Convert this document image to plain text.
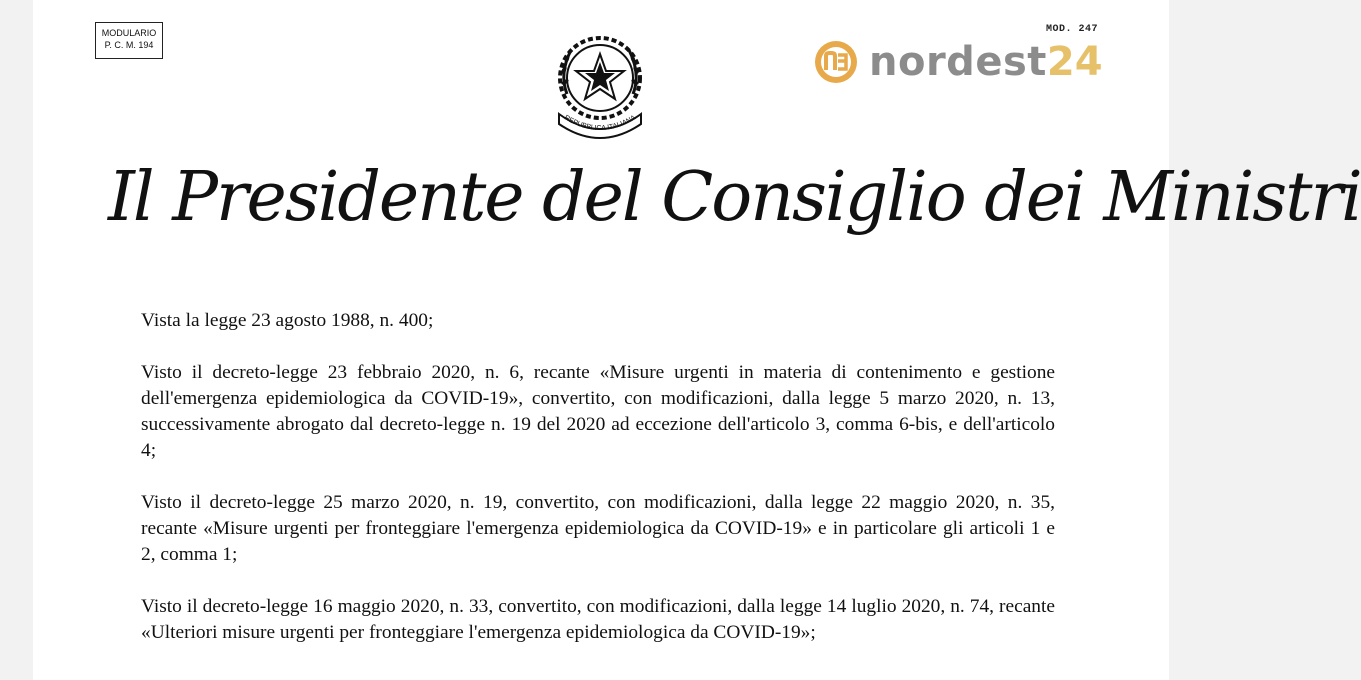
MODULARIO
P. C. M. 194
MOD. 247
REPUBBLICA ITALIANA
nordest 24
Il Presidente del Consiglio dei Ministri

Vista la legge 23 agosto 1988, n. 400;

Visto il decreto-legge 23 febbraio 2020, n. 6, recante «Misure urgenti in materia di contenimento e gestione dell'emergenza epidemiologica da COVID-19», convertito, con modificazioni, dalla legge 5 marzo 2020, n. 13, successivamente abrogato dal decreto-legge n. 19 del 2020 ad eccezione dell'articolo 3, comma 6-bis, e dell'articolo 4;

Visto il decreto-legge 25 marzo 2020, n. 19, convertito, con modificazioni, dalla legge 22 maggio 2020, n. 35, recante «Misure urgenti per fronteggiare l'emergenza epidemiologica da COVID-19» e in particolare gli articoli 1 e 2, comma 1;

Visto il decreto-legge 16 maggio 2020, n. 33, convertito, con modificazioni, dalla legge 14 luglio 2020, n. 74, recante «Ulteriori misure urgenti per fronteggiare l'emergenza epidemiologica da COVID-19»;
